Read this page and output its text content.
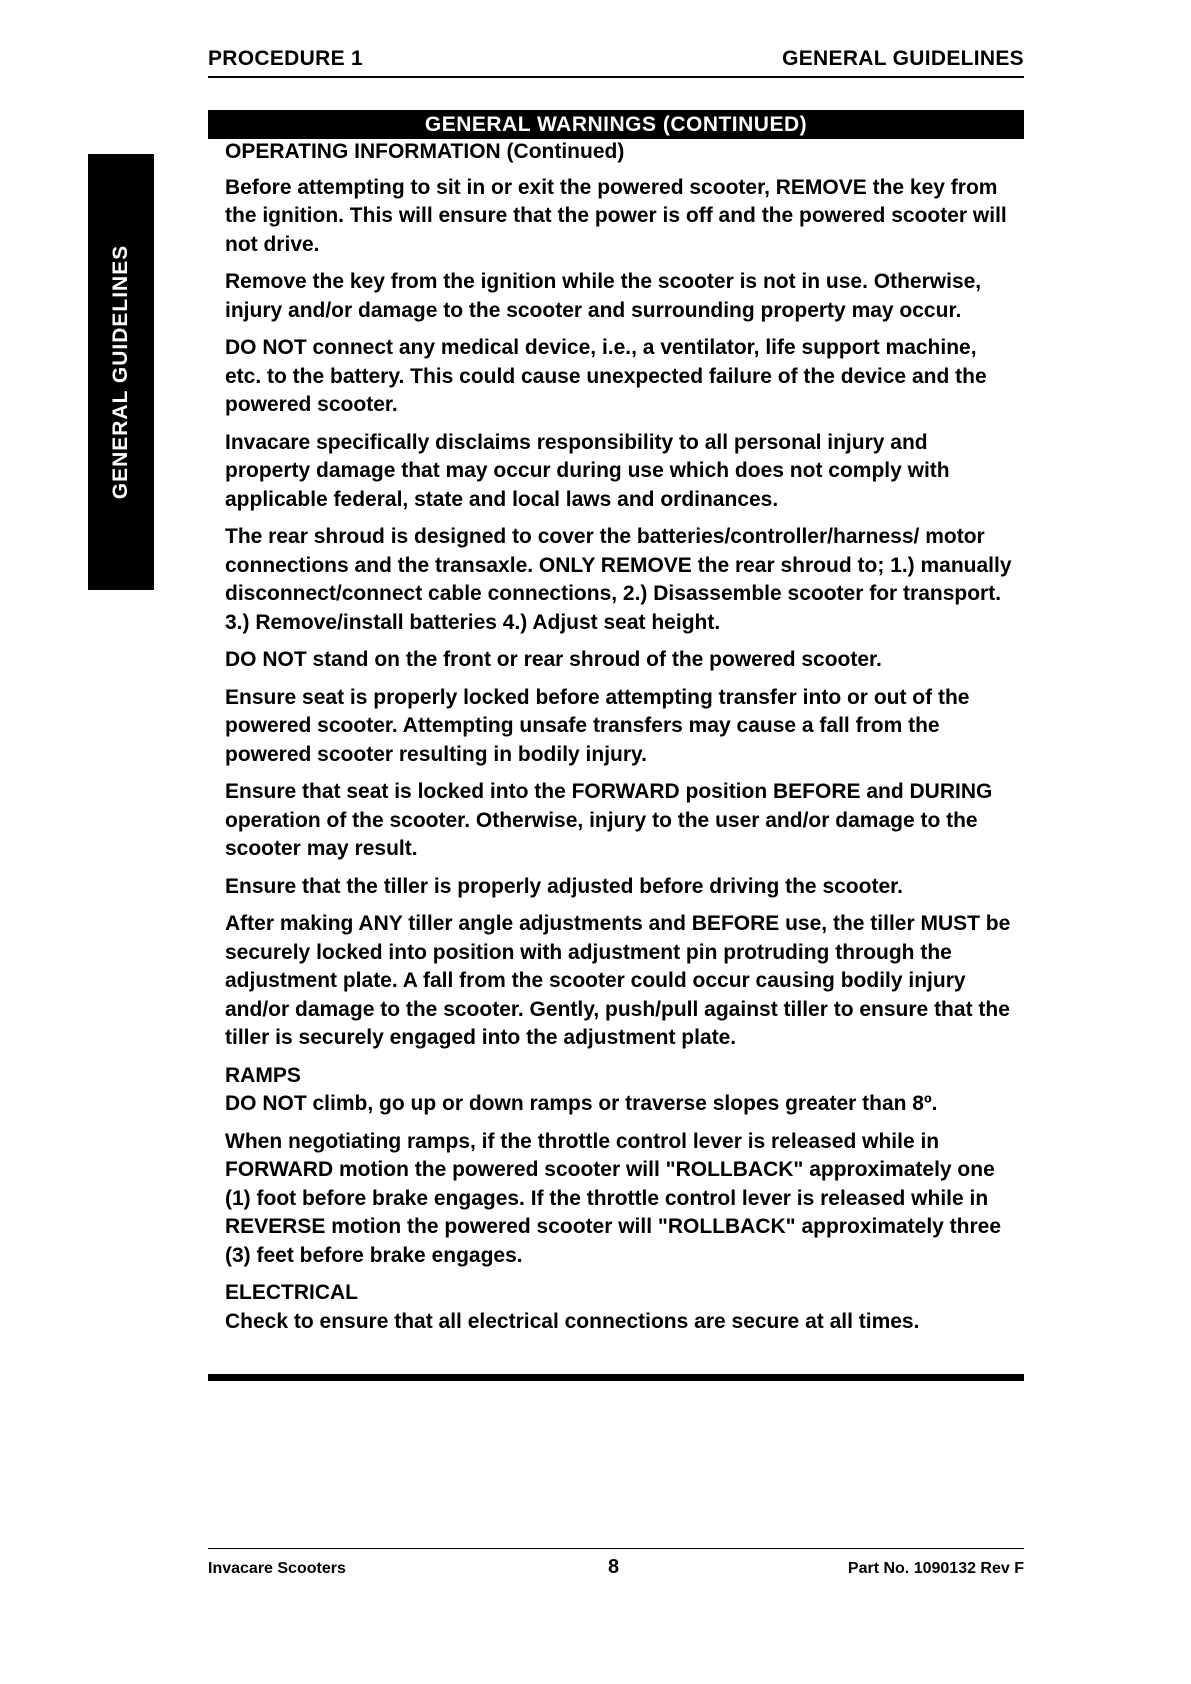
PROCEDURE 1	GENERAL GUIDELINES
GENERAL GUIDELINES
GENERAL WARNINGS (CONTINUED)

OPERATING INFORMATION (Continued)

Before attempting to sit in or exit the powered scooter, REMOVE the key from the ignition. This will ensure that the power is off and the powered scooter will not drive.

Remove the key from the ignition while the scooter is not in use. Otherwise, injury and/or damage to the scooter and surrounding property may occur.

DO NOT connect any medical device, i.e., a ventilator, life support machine, etc. to the battery. This could cause unexpected failure of the device and the powered scooter.

Invacare specifically disclaims responsibility to all personal injury and property damage that may occur during use which does not comply with applicable federal, state and local laws and ordinances.

The rear shroud is designed to cover the batteries/controller/harness/ motor connections and the transaxle. ONLY REMOVE the rear shroud to; 1.) manually disconnect/connect cable connections, 2.) Disassemble scooter for transport. 3.) Remove/install batteries 4.) Adjust seat height.

DO NOT stand on the front or rear shroud of the powered scooter.

Ensure seat is properly locked before attempting transfer into or out of the powered scooter. Attempting unsafe transfers may cause a fall from the powered scooter resulting in bodily injury.

Ensure that seat is locked into the FORWARD position BEFORE and DURING operation of the scooter. Otherwise, injury to the user and/or damage to the scooter may result.

Ensure that the tiller is properly adjusted before driving the scooter.

After making ANY tiller angle adjustments and BEFORE use, the tiller MUST be securely locked into position with adjustment pin protruding through the adjustment plate. A fall from the scooter could occur causing bodily injury and/or damage to the scooter. Gently, push/pull against tiller to ensure that the tiller is securely engaged into the adjustment plate.

RAMPS

DO NOT climb, go up or down ramps or traverse slopes greater than 8º.

When negotiating ramps, if the throttle control lever is released while in FORWARD motion the powered scooter will "ROLLBACK" approximately one (1) foot before brake engages. If the throttle control lever is released while in REVERSE motion the powered scooter will "ROLLBACK" approximately three (3) feet before brake engages.

ELECTRICAL

Check to ensure that all electrical connections are secure at all times.

Invacare Scooters	8	Part No. 1090132 Rev F
